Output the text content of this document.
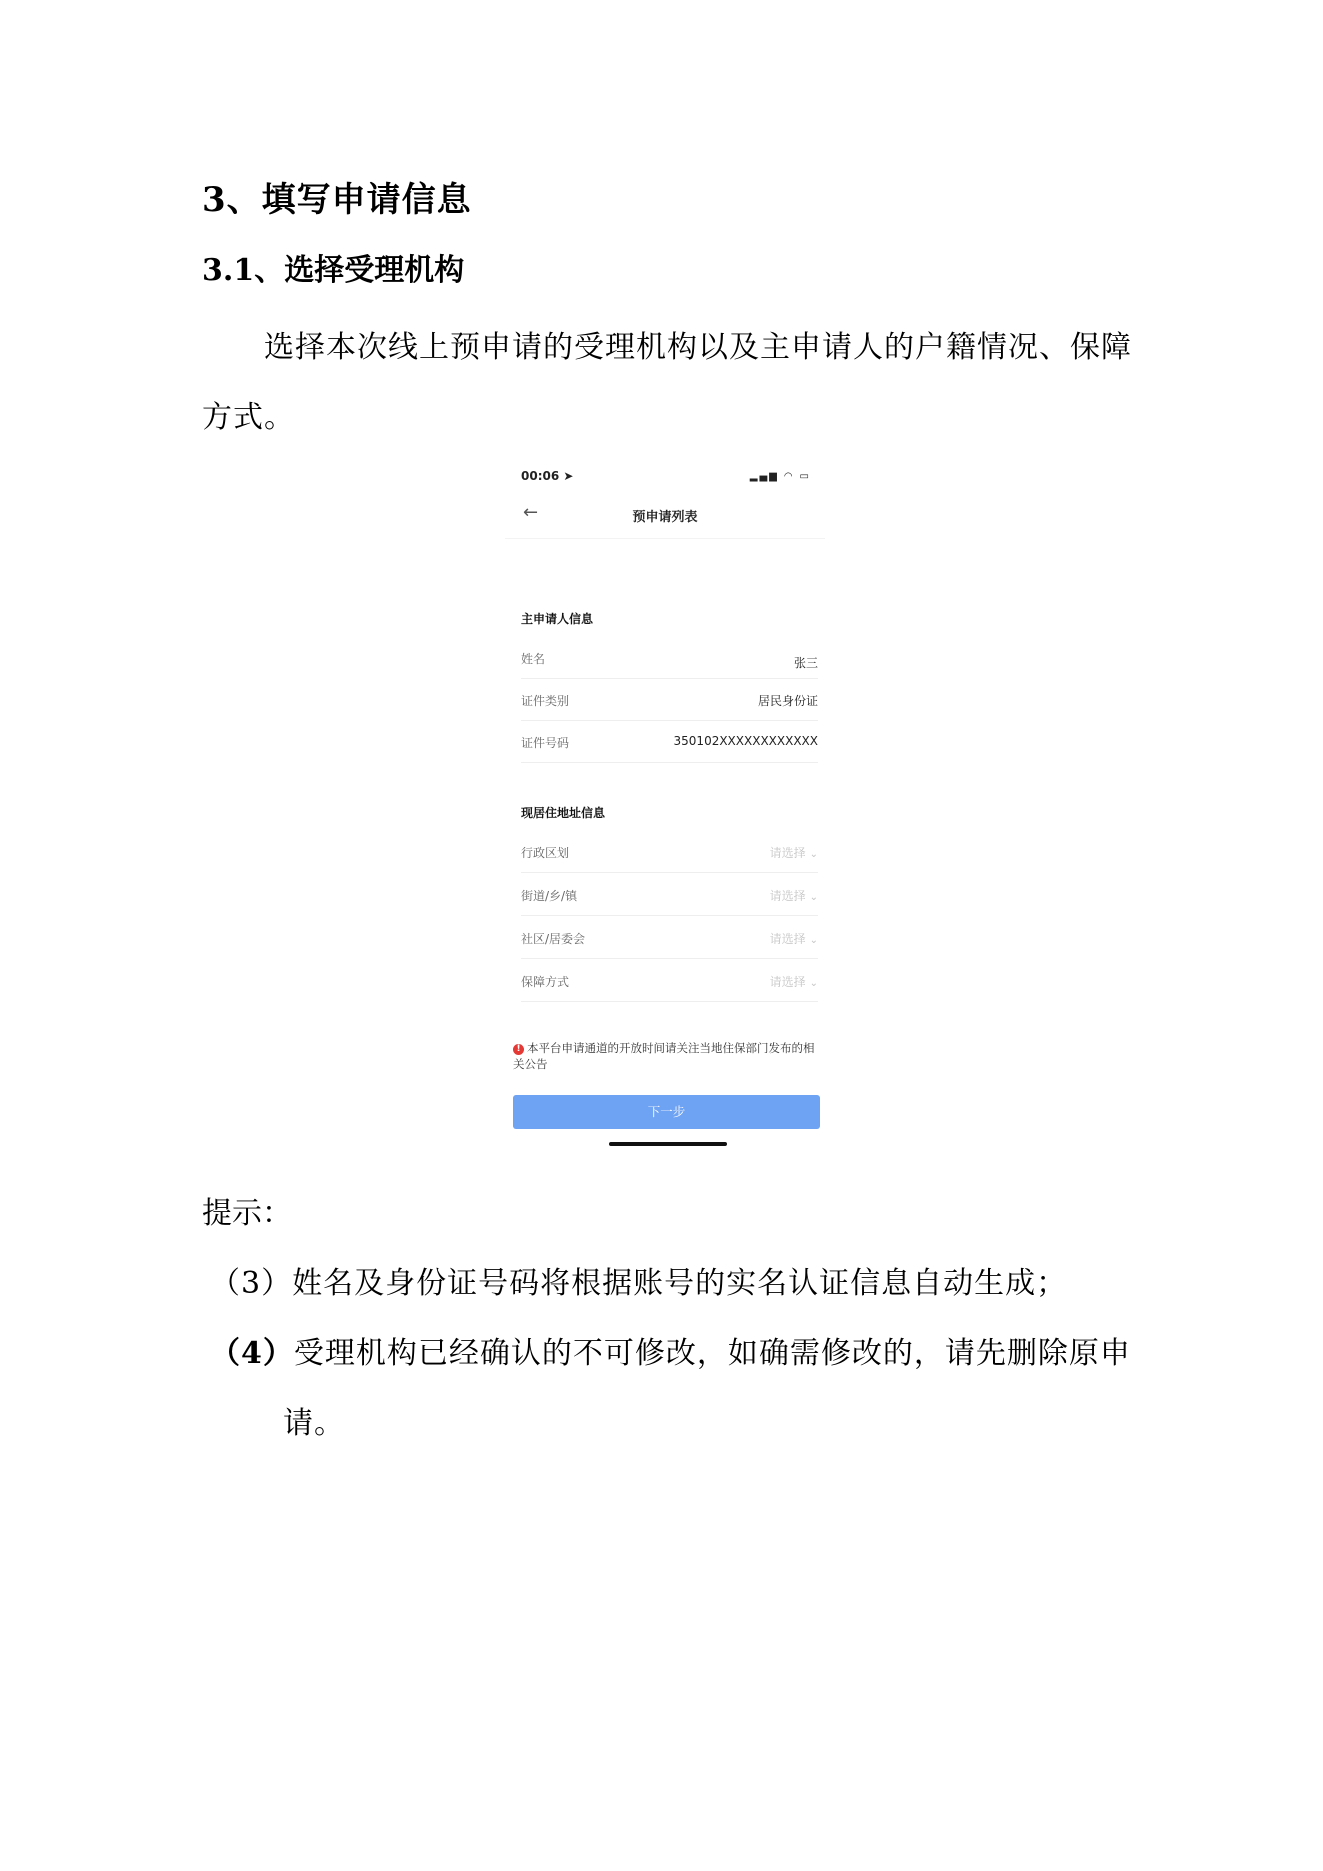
3、填写申请信息
3.1、选择受理机构
选择本次线上预申请的受理机构以及主申请人的户籍情况、保障方式。
00:06 ➤	▂▄▆ ◠ ▭
←	预申请列表
主申请人信息
姓名	张三
证件类别	居民身份证
证件号码	350102XXXXXXXXXXXX
现居住地址信息
行政区划	请选择 ⌄
街道/乡/镇	请选择 ⌄
社区/居委会	请选择 ⌄
保障方式	请选择 ⌄
! 本平台申请通道的开放时间请关注当地住保部门发布的相关公告
下一步
提示：
（3）姓名及身份证号码将根据账号的实名认证信息自动生成；
（4）受理机构已经确认的不可修改，如确需修改的，请先删除原申
请。
